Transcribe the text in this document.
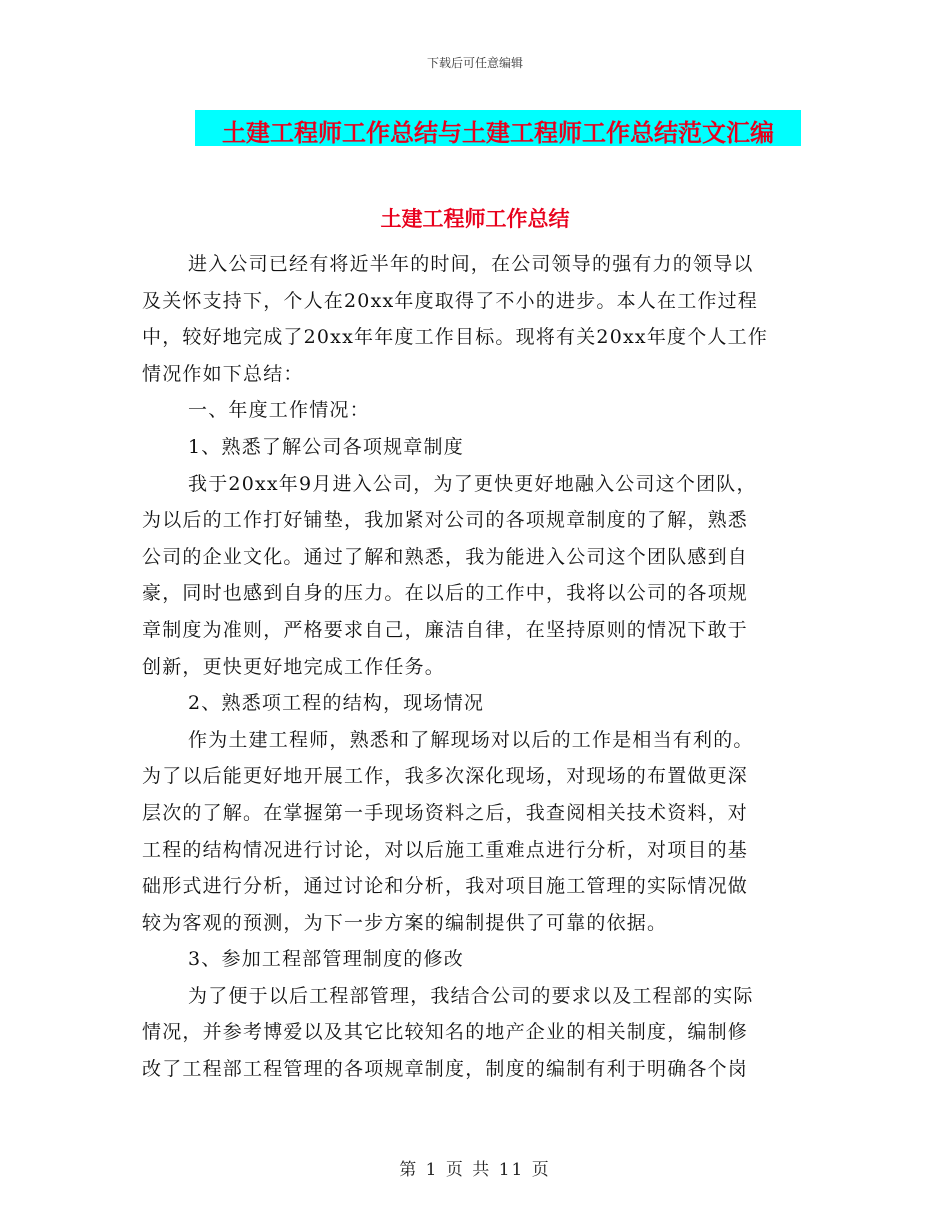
下载后可任意编辑
土建工程师工作总结与土建工程师工作总结范文汇编
土建工程师工作总结
进入公司已经有将近半年的时间，在公司领导的强有力的领导以
及关怀支持下，个人在20xx年度取得了不小的进步。本人在工作过程
中，较好地完成了20xx年年度工作目标。现将有关20xx年度个人工作
情况作如下总结：
一、年度工作情况：
1、熟悉了解公司各项规章制度
我于20xx年9月进入公司，为了更快更好地融入公司这个团队，
为以后的工作打好铺垫，我加紧对公司的各项规章制度的了解，熟悉
公司的企业文化。通过了解和熟悉，我为能进入公司这个团队感到自
豪，同时也感到自身的压力。在以后的工作中，我将以公司的各项规
章制度为准则，严格要求自己，廉洁自律，在坚持原则的情况下敢于
创新，更快更好地完成工作任务。
2、熟悉项工程的结构，现场情况
作为土建工程师，熟悉和了解现场对以后的工作是相当有利的。
为了以后能更好地开展工作，我多次深化现场，对现场的布置做更深
层次的了解。在掌握第一手现场资料之后，我查阅相关技术资料，对
工程的结构情况进行讨论，对以后施工重难点进行分析，对项目的基
础形式进行分析，通过讨论和分析，我对项目施工管理的实际情况做
较为客观的预测，为下一步方案的编制提供了可靠的依据。
3、参加工程部管理制度的修改
为了便于以后工程部管理，我结合公司的要求以及工程部的实际
情况，并参考博爱以及其它比较知名的地产企业的相关制度，编制修
改了工程部工程管理的各项规章制度，制度的编制有利于明确各个岗
第 1 页 共 11 页
